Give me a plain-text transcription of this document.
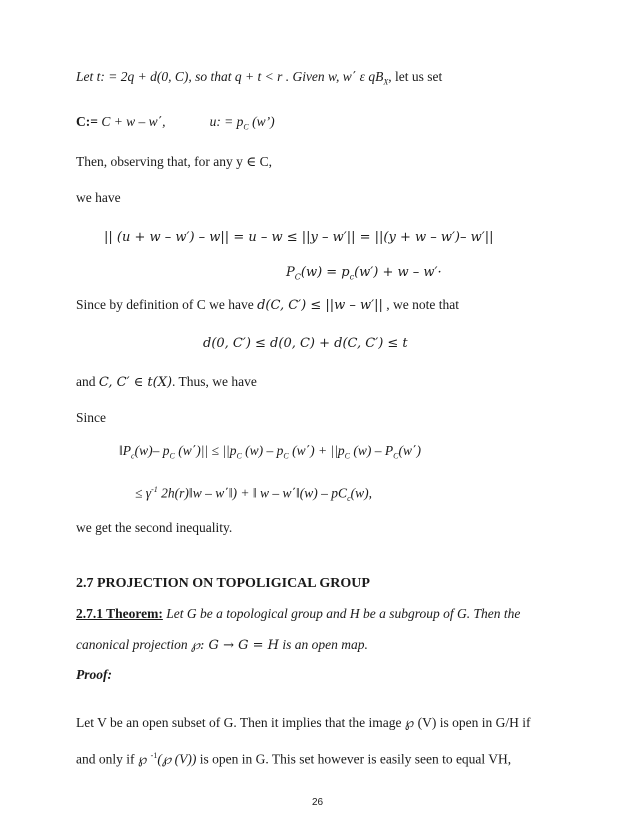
Let t: = 2q + d(0, C), so that q + t < r . Given w, w΄ ε $qB_X$, let us set
C:= C + w – w΄,	u: = $p_C$ (w’)
Then, observing that, for any y ∈ C,
we have
|| (u + w – w′) – w|| = u – w ≤ ||y – w′|| = ||(y + w – w′)– w′||
$P_C(w) = p_c(w') + w - w'\cdot$
Since by definition of C we have d(C, C′) ≤ ||w – w′|| , we note that
d(0, C′) ≤ d(0, C) + d(C, C′) ≤ t
and C, C′ ∈ t(X). Thus, we have
Since
$‖P_c(w)-$ $p_C$ $(w΄)|| \le ||p_C$ $(w) - p_C$ $(w΄) + ||p_C$ $(w) - P_C(w΄)$
≤ $\gamma^{-1}$ 2h(r)‖w – w΄‖) + ‖ w – w΄‖(w) – $pC_c(w)$,
we get the second inequality.
2.7 PROJECTION ON TOPOLIGICAL GROUP
2.7.1 Theorem: Let G be a topological group and H be a subgroup of G. Then the
canonical projection ℘: G → G = H is an open map.
Proof:
Let V be an open subset of G. Then it implies that the image ℘ (V) is open in G/H if
and only if ℘ $^{-1}$(℘ (V)) is open in G. This set however is easily seen to equal VH,
26
